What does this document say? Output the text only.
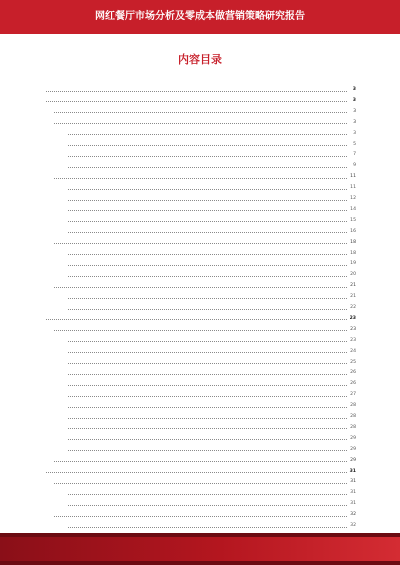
网红餐厅市场分析及零成本做营销策略研究报告
内容目录
3
3
3
3
3
5
7
9
11
11
12
14
15
16
18
18
19
20
21
21
22
23
23
23
24
25
26
26
27
28
28
28
29
29
29
31
31
31
31
32
32
